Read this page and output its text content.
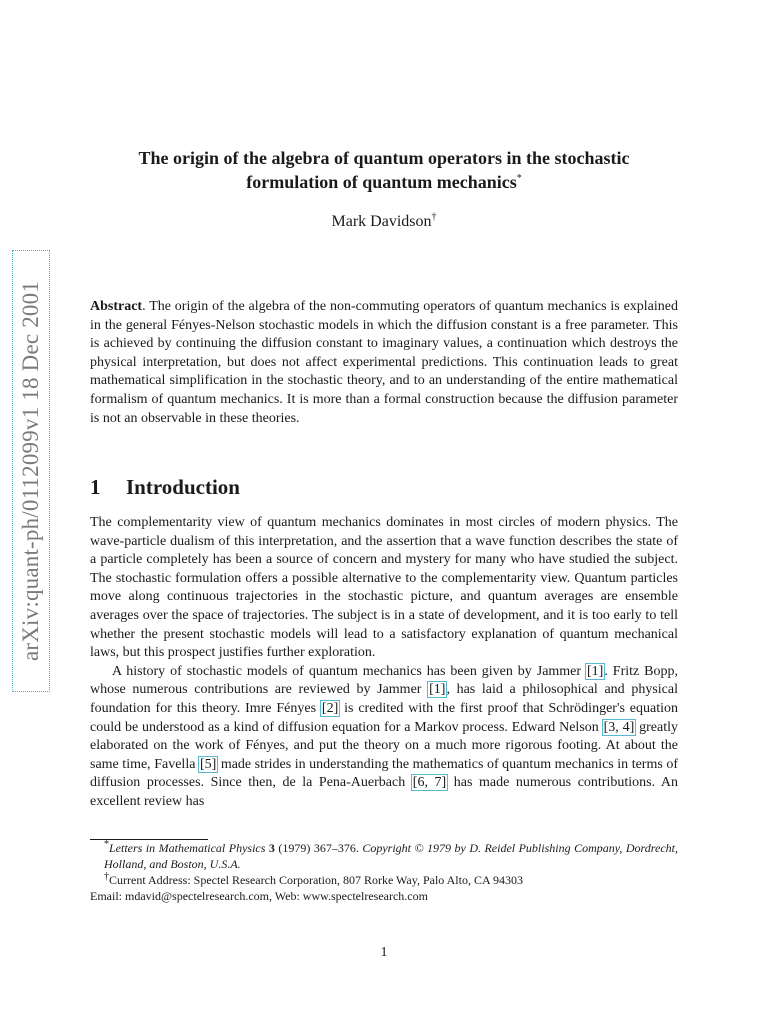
arXiv:quant-ph/0112099v1 18 Dec 2001
The origin of the algebra of quantum operators in the stochastic
formulation of quantum mechanics*
Mark Davidson†
Abstract. The origin of the algebra of the non-commuting operators of quantum mechanics is explained in the general Fényes-Nelson stochastic models in which the diffusion constant is a free parameter. This is achieved by continuing the diffusion constant to imaginary values, a continuation which destroys the physical interpretation, but does not affect experimental predictions. This continuation leads to great mathematical simplification in the stochastic theory, and to an understanding of the entire mathematical formalism of quantum mechanics. It is more than a formal construction because the diffusion parameter is not an observable in these theories.
1 Introduction

The complementarity view of quantum mechanics dominates in most circles of modern physics. The wave-particle dualism of this interpretation, and the assertion that a wave function describes the state of a particle completely has been a source of concern and mystery for many who have studied the subject. The stochastic formulation offers a possible alternative to the complementarity view. Quantum particles move along continuous trajectories in the stochastic picture, and quantum averages are ensemble averages over the space of trajectories. The subject is in a state of development, and it is too early to tell whether the present stochastic models will lead to a satisfactory explanation of quantum mechanical laws, but this prospect justifies further exploration.

A history of stochastic models of quantum mechanics has been given by Jammer [1]. Fritz Bopp, whose numerous contributions are reviewed by Jammer [1], has laid a philosophical and physical foundation for this theory. Imre Fényes [2] is credited with the first proof that Schrödinger's equation could be understood as a kind of diffusion equation for a Markov process. Edward Nelson [3, 4] greatly elaborated on the work of Fényes, and put the theory on a much more rigorous footing. At about the same time, Favella [5] made strides in understanding the mathematics of quantum mechanics in terms of diffusion processes. Since then, de la Pena-Auerbach [6, 7] has made numerous contributions. An excellent review has

*Letters in Mathematical Physics 3 (1979) 367–376. Copyright © 1979 by D. Reidel Publishing Company, Dordrecht, Holland, and Boston, U.S.A.
†Current Address: Spectel Research Corporation, 807 Rorke Way, Palo Alto, CA 94303
Email: mdavid@spectelresearch.com, Web: www.spectelresearch.com
1
